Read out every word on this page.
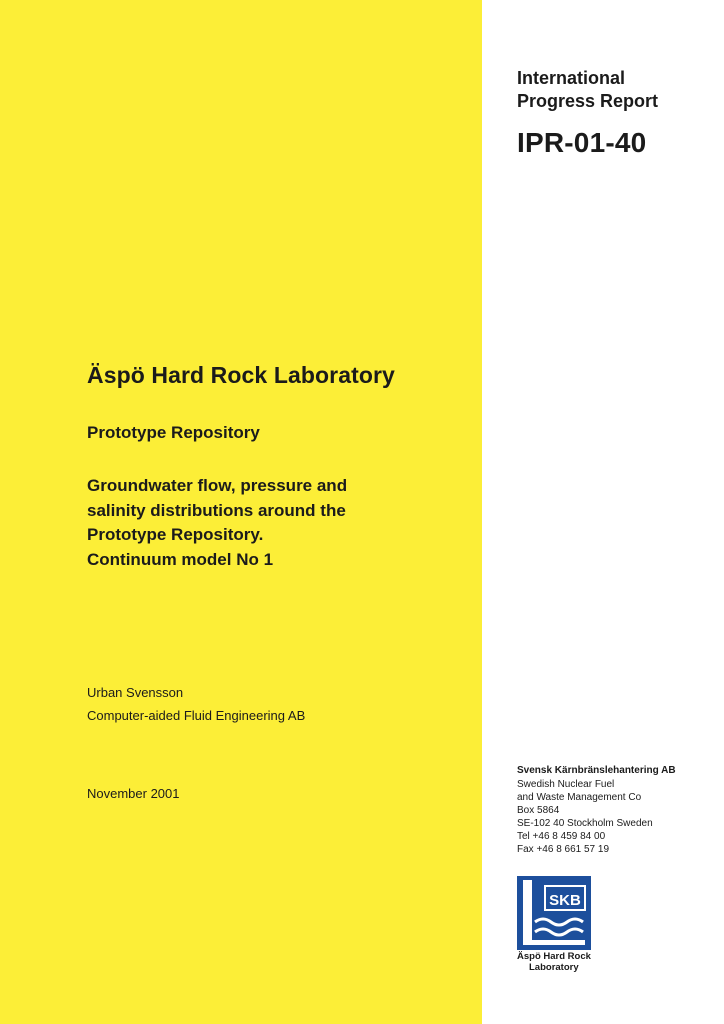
Äspö Hard Rock Laboratory
Prototype Repository
Groundwater flow, pressure and
salinity distributions around the
Prototype Repository.
Continuum model No 1
Urban Svensson
Computer-aided Fluid Engineering AB
November 2001
International
Progress Report
IPR-01-40
Svensk Kärnbränslehantering AB
Swedish Nuclear Fuel
and Waste Management Co
Box 5864
SE-102 40 Stockholm Sweden
Tel +46 8 459 84 00
Fax +46 8 661 57 19
SKB
Äspö Hard Rock
Laboratory
